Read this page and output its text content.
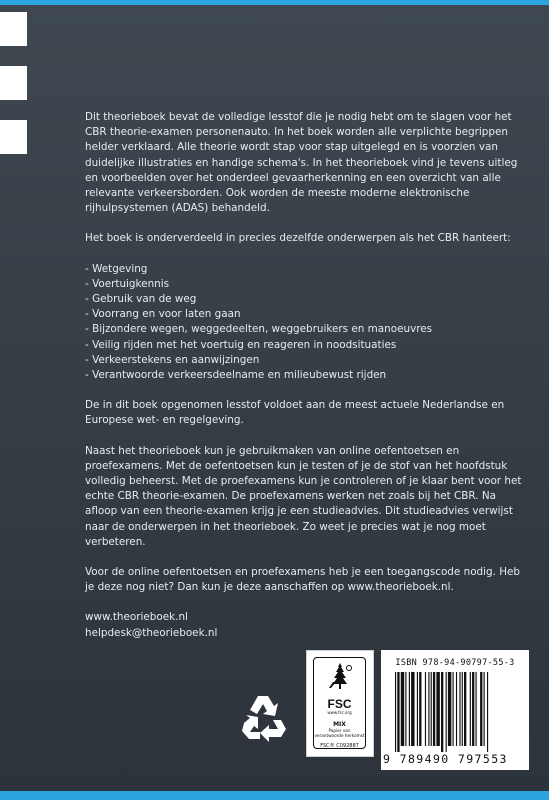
Dit theorieboek bevat de volledige lesstof die je nodig hebt om te slagen voor het CBR theorie-examen personenauto. In het boek worden alle verplichte begrippen helder verklaard. Alle theorie wordt stap voor stap uitgelegd en is voorzien van duidelijke illustraties en handige schema's. In het theorieboek vind je tevens uitleg en voorbeelden over het onderdeel gevaarherkenning en een overzicht van alle relevante verkeersborden. Ook worden de meeste moderne elektronische rijhulpsystemen (ADAS) behandeld.

Het boek is onderverdeeld in precies dezelfde onderwerpen als het CBR hanteert:

- Wetgeving
- Voertuigkennis
- Gebruik van de weg
- Voorrang en voor laten gaan
- Bijzondere wegen, weggedeelten, weggebruikers en manoeuvres
- Veilig rijden met het voertuig en reageren in noodsituaties
- Verkeerstekens en aanwijzingen
- Verantwoorde verkeersdeelname en milieubewust rijden

De in dit boek opgenomen lesstof voldoet aan de meest actuele Nederlandse en Europese wet- en regelgeving.

Naast het theorieboek kun je gebruikmaken van online oefentoetsen en proefexamens. Met de oefentoetsen kun je testen of je de stof van het hoofdstuk volledig beheerst. Met de proefexamens kun je controleren of je klaar bent voor het echte CBR theorie-examen. De proefexamens werken net zoals bij het CBR. Na afloop van een theorie-examen krijg je een studieadvies. Dit studieadvies verwijst naar de onderwerpen in het theorieboek. Zo weet je precies wat je nog moet verbeteren.

Voor de online oefentoetsen en proefexamens heb je een toegangscode nodig. Heb je deze nog niet? Dan kun je deze aanschaffen op www.theorieboek.nl.

www.theorieboek.nl
helpdesk@theorieboek.nl
FSC
www.fsc.org
MIX
Papier van verantwoorde herkomst
FSC® C092887
ISBN 978-94-90797-55-3
9 789490 797553
